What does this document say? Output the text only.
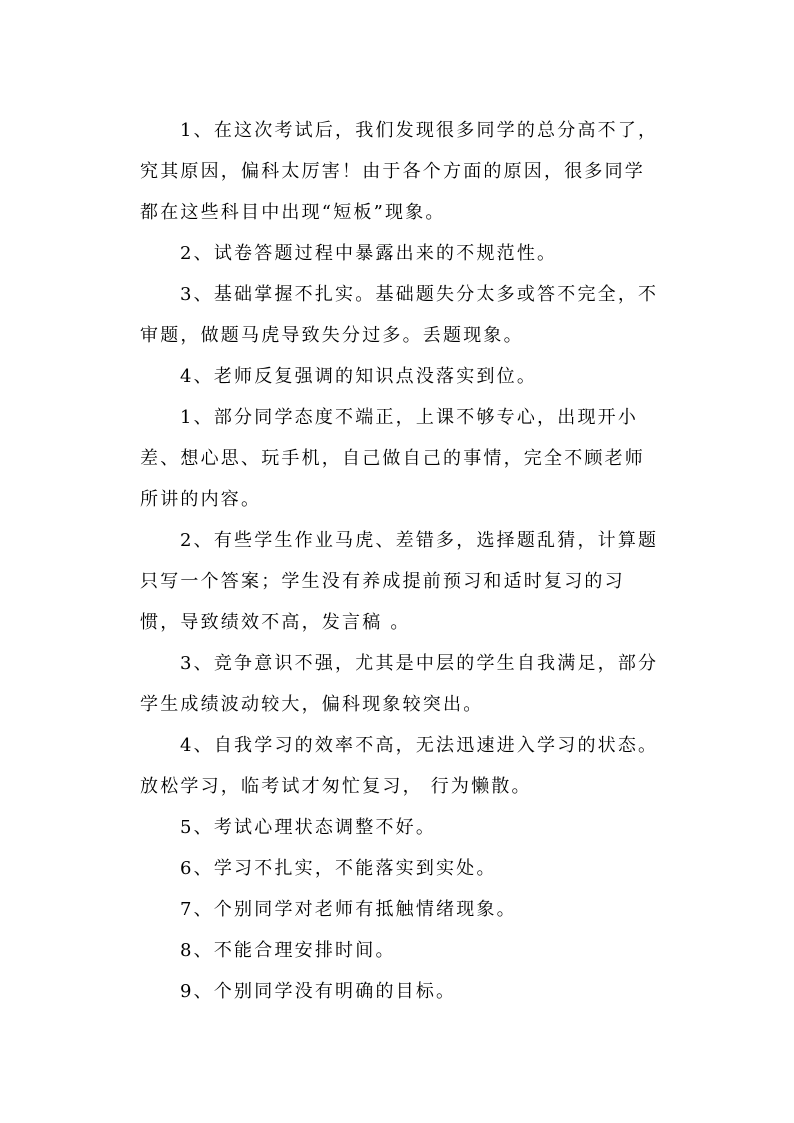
1、在这次考试后，我们发现很多同学的总分高不了，究其原因，偏科太厉害！由于各个方面的原因，很多同学都在这些科目中出现“短板”现象。

2、试卷答题过程中暴露出来的不规范性。

3、基础掌握不扎实。基础题失分太多或答不完全，不审题，做题马虎导致失分过多。丢题现象。

4、老师反复强调的知识点没落实到位。

1、部分同学态度不端正，上课不够专心，出现开小差、想心思、玩手机，自己做自己的事情，完全不顾老师所讲的内容。

2、有些学生作业马虎、差错多，选择题乱猜，计算题只写一个答案；学生没有养成提前预习和适时复习的习惯，导致绩效不高，发言稿 。

3、竞争意识不强，尤其是中层的学生自我满足，部分学生成绩波动较大，偏科现象较突出。

4、自我学习的效率不高，无法迅速进入学习的状态。放松学习，临考试才匆忙复习， 行为懒散。

5、考试心理状态调整不好。

6、学习不扎实，不能落实到实处。

7、个别同学对老师有抵触情绪现象。

8、不能合理安排时间。

9、个别同学没有明确的目标。
